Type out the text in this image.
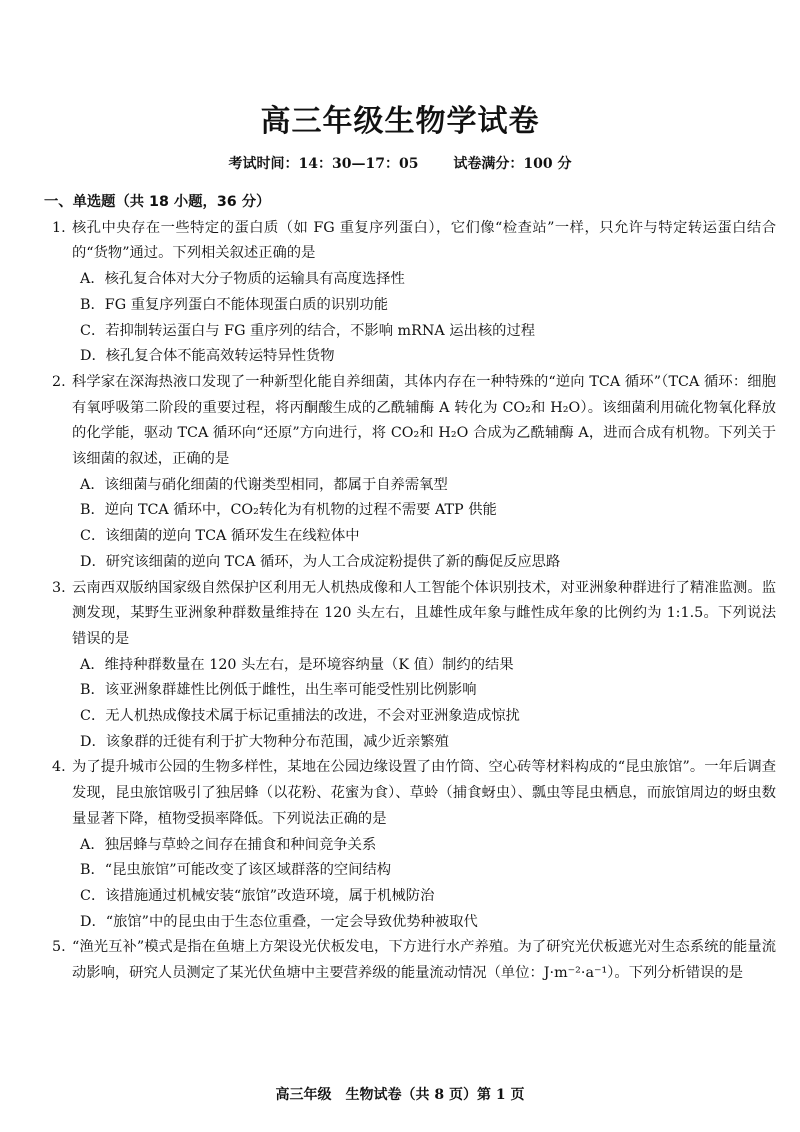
高三年级生物学试卷
考试时间：14：30—17：05 试卷满分：100 分
一、单选题（共 18 小题，36 分）
1. 核孔中央存在一些特定的蛋白质（如 FG 重复序列蛋白），它们像“检查站”一样，只允许与特定转运蛋白结合的“货物”通过。下列相关叙述正确的是
A．核孔复合体对大分子物质的运输具有高度选择性
B．FG 重复序列蛋白不能体现蛋白质的识别功能
C．若抑制转运蛋白与 FG 重序列的结合，不影响 mRNA 运出核的过程
D．核孔复合体不能高效转运特异性货物
2. 科学家在深海热液口发现了一种新型化能自养细菌，其体内存在一种特殊的“逆向 TCA 循环”（TCA 循环：细胞有氧呼吸第二阶段的重要过程，将丙酮酸生成的乙酰辅酶 A 转化为 CO₂和 H₂O）。该细菌利用硫化物氧化释放的化学能，驱动 TCA 循环向“还原”方向进行，将 CO₂和 H₂O 合成为乙酰辅酶 A，进而合成有机物。下列关于该细菌的叙述，正确的是
A．该细菌与硝化细菌的代谢类型相同，都属于自养需氧型
B．逆向 TCA 循环中，CO₂转化为有机物的过程不需要 ATP 供能
C．该细菌的逆向 TCA 循环发生在线粒体中
D．研究该细菌的逆向 TCA 循环，为人工合成淀粉提供了新的酶促反应思路
3. 云南西双版纳国家级自然保护区利用无人机热成像和人工智能个体识别技术，对亚洲象种群进行了精准监测。监测发现，某野生亚洲象种群数量维持在 120 头左右，且雄性成年象与雌性成年象的比例约为 1:1.5。下列说法错误的是
A．维持种群数量在 120 头左右，是环境容纳量（K 值）制约的结果
B．该亚洲象群雄性比例低于雌性，出生率可能受性别比例影响
C．无人机热成像技术属于标记重捕法的改进，不会对亚洲象造成惊扰
D．该象群的迁徙有利于扩大物种分布范围，减少近亲繁殖
4. 为了提升城市公园的生物多样性，某地在公园边缘设置了由竹筒、空心砖等材料构成的“昆虫旅馆”。一年后调查发现，昆虫旅馆吸引了独居蜂（以花粉、花蜜为食）、草蛉（捕食蚜虫）、瓢虫等昆虫栖息，而旅馆周边的蚜虫数量显著下降，植物受损率降低。下列说法正确的是
A．独居蜂与草蛉之间存在捕食和种间竞争关系
B．“昆虫旅馆”可能改变了该区域群落的空间结构
C．该措施通过机械安装“旅馆”改造环境，属于机械防治
D．“旅馆”中的昆虫由于生态位重叠，一定会导致优势种被取代
5. “渔光互补”模式是指在鱼塘上方架设光伏板发电，下方进行水产养殖。为了研究光伏板遮光对生态系统的能量流动影响，研究人员测定了某光伏鱼塘中主要营养级的能量流动情况（单位：J·m⁻²·a⁻¹）。下列分析错误的是
高三年级　生物试卷（共 8 页）第 1 页
